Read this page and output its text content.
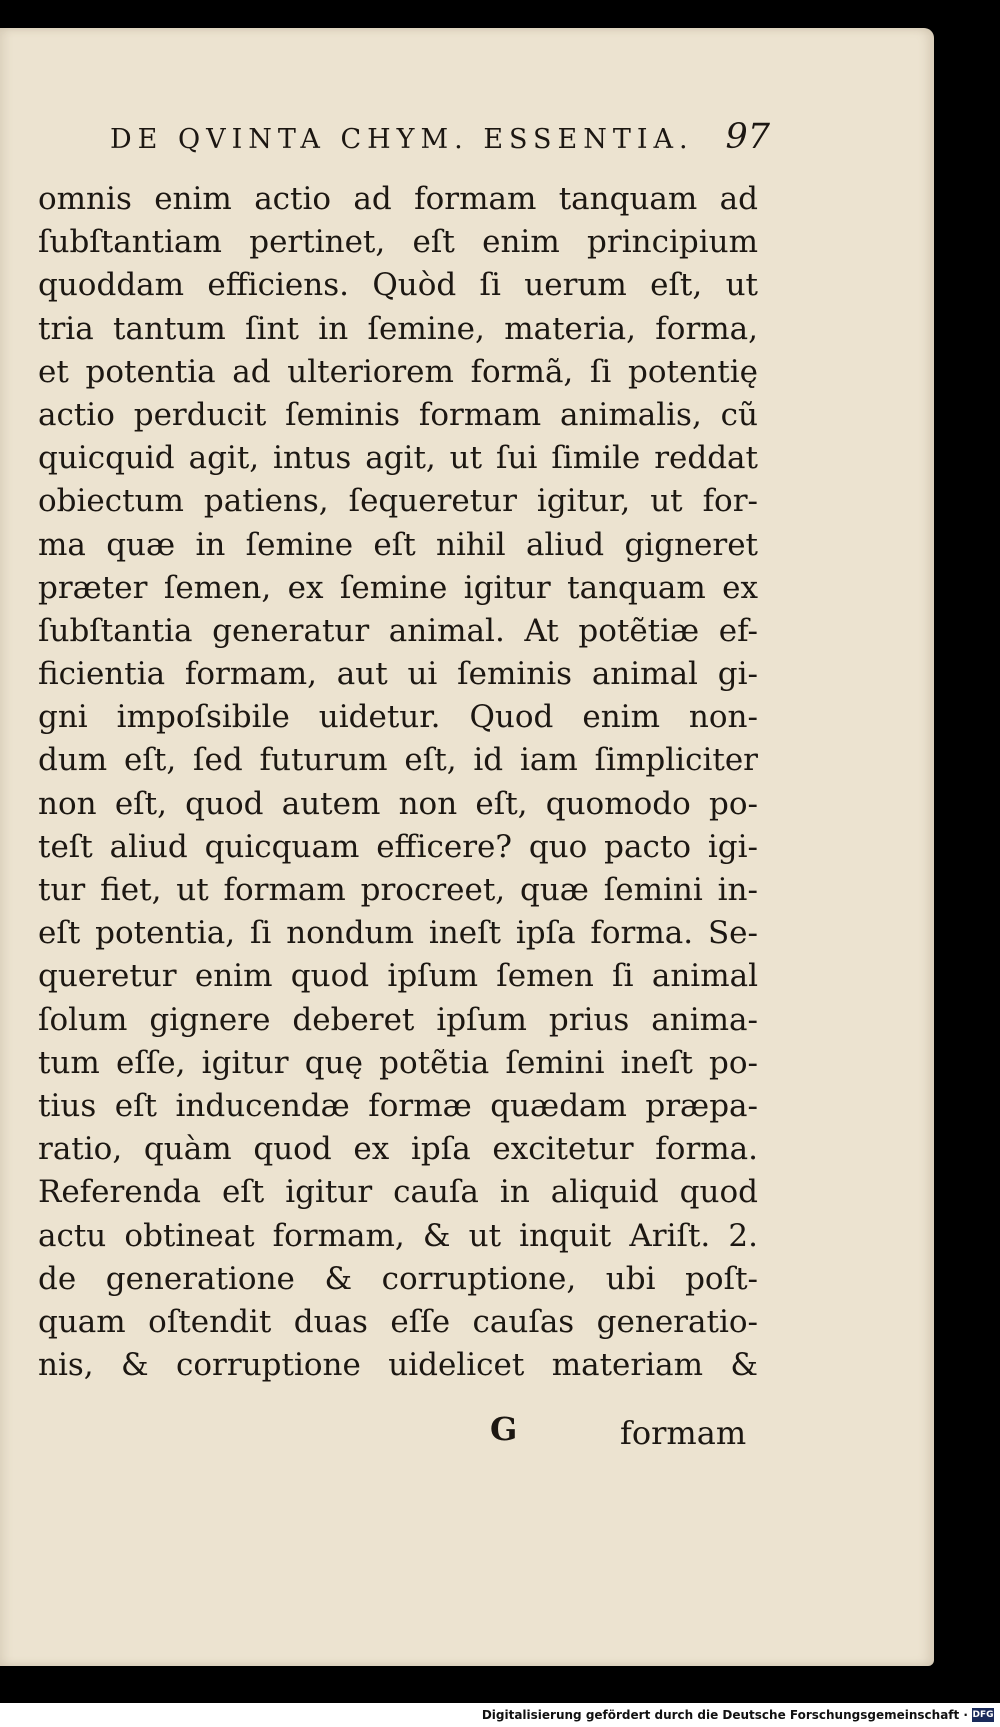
DE QVINTA CHYM. ESSENTIA. 97
omnis enim actio ad formam tanquam ad
ſubſtantiam pertinet, eſt enim principium
quoddam efficiens. Quòd ſi uerum eſt, ut
tria tantum ſint in ſemine, materia, forma,
et potentia ad ulteriorem formã, ſi potentię
actio perducit ſeminis formam animalis, cũ
quicquid agit, intus agit, ut ſui ſimile reddat
obiectum patiens, ſequeretur igitur, ut for-
ma quæ in ſemine eſt nihil aliud gigneret
præter ſemen, ex ſemine igitur tanquam ex
ſubſtantia generatur animal. At potẽtiæ ef-
ficientia formam, aut ui ſeminis animal gi-
gni impoſsibile uidetur. Quod enim non-
dum eſt, ſed futurum eſt, id iam ſimpliciter
non eſt, quod autem non eſt, quomodo po-
teſt aliud quicquam efficere? quo pacto igi-
tur fiet, ut formam procreet, quæ ſemini in-
eſt potentia, ſi nondum ineſt ipſa forma. Se-
queretur enim quod ipſum ſemen ſi animal
ſolum gignere deberet ipſum prius anima-
tum eſſe, igitur quę potẽtia ſemini ineſt po-
tius eſt inducendæ formæ quædam præpa-
ratio, quàm quod ex ipſa excitetur forma.
Referenda eſt igitur cauſa in aliquid quod
actu obtineat formam, & ut inquit Ariſt. 2.
de generatione & corruptione, ubi poſt-
quam oſtendit duas eſſe cauſas generatio-
nis, & corruptione uidelicet materiam &
G	formam
Digitalisierung gefördert durch die Deutsche Forschungsgemeinschaft · DFG
